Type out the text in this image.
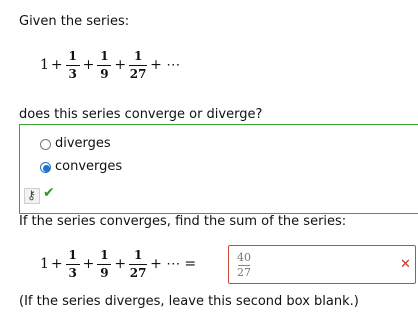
Given the series:
$1 + \frac{1}{3} + \frac{1}{9} + \frac{1}{27}$ + ⋯
does this series converge or diverge?
diverges
converges
⚷ ✔
If the series converges, find the sum of the series:
$1 + \frac{1}{3} + \frac{1}{9} + \frac{1}{27}$ + ⋯ =	40
27
✕
(If the series diverges, leave this second box blank.)
